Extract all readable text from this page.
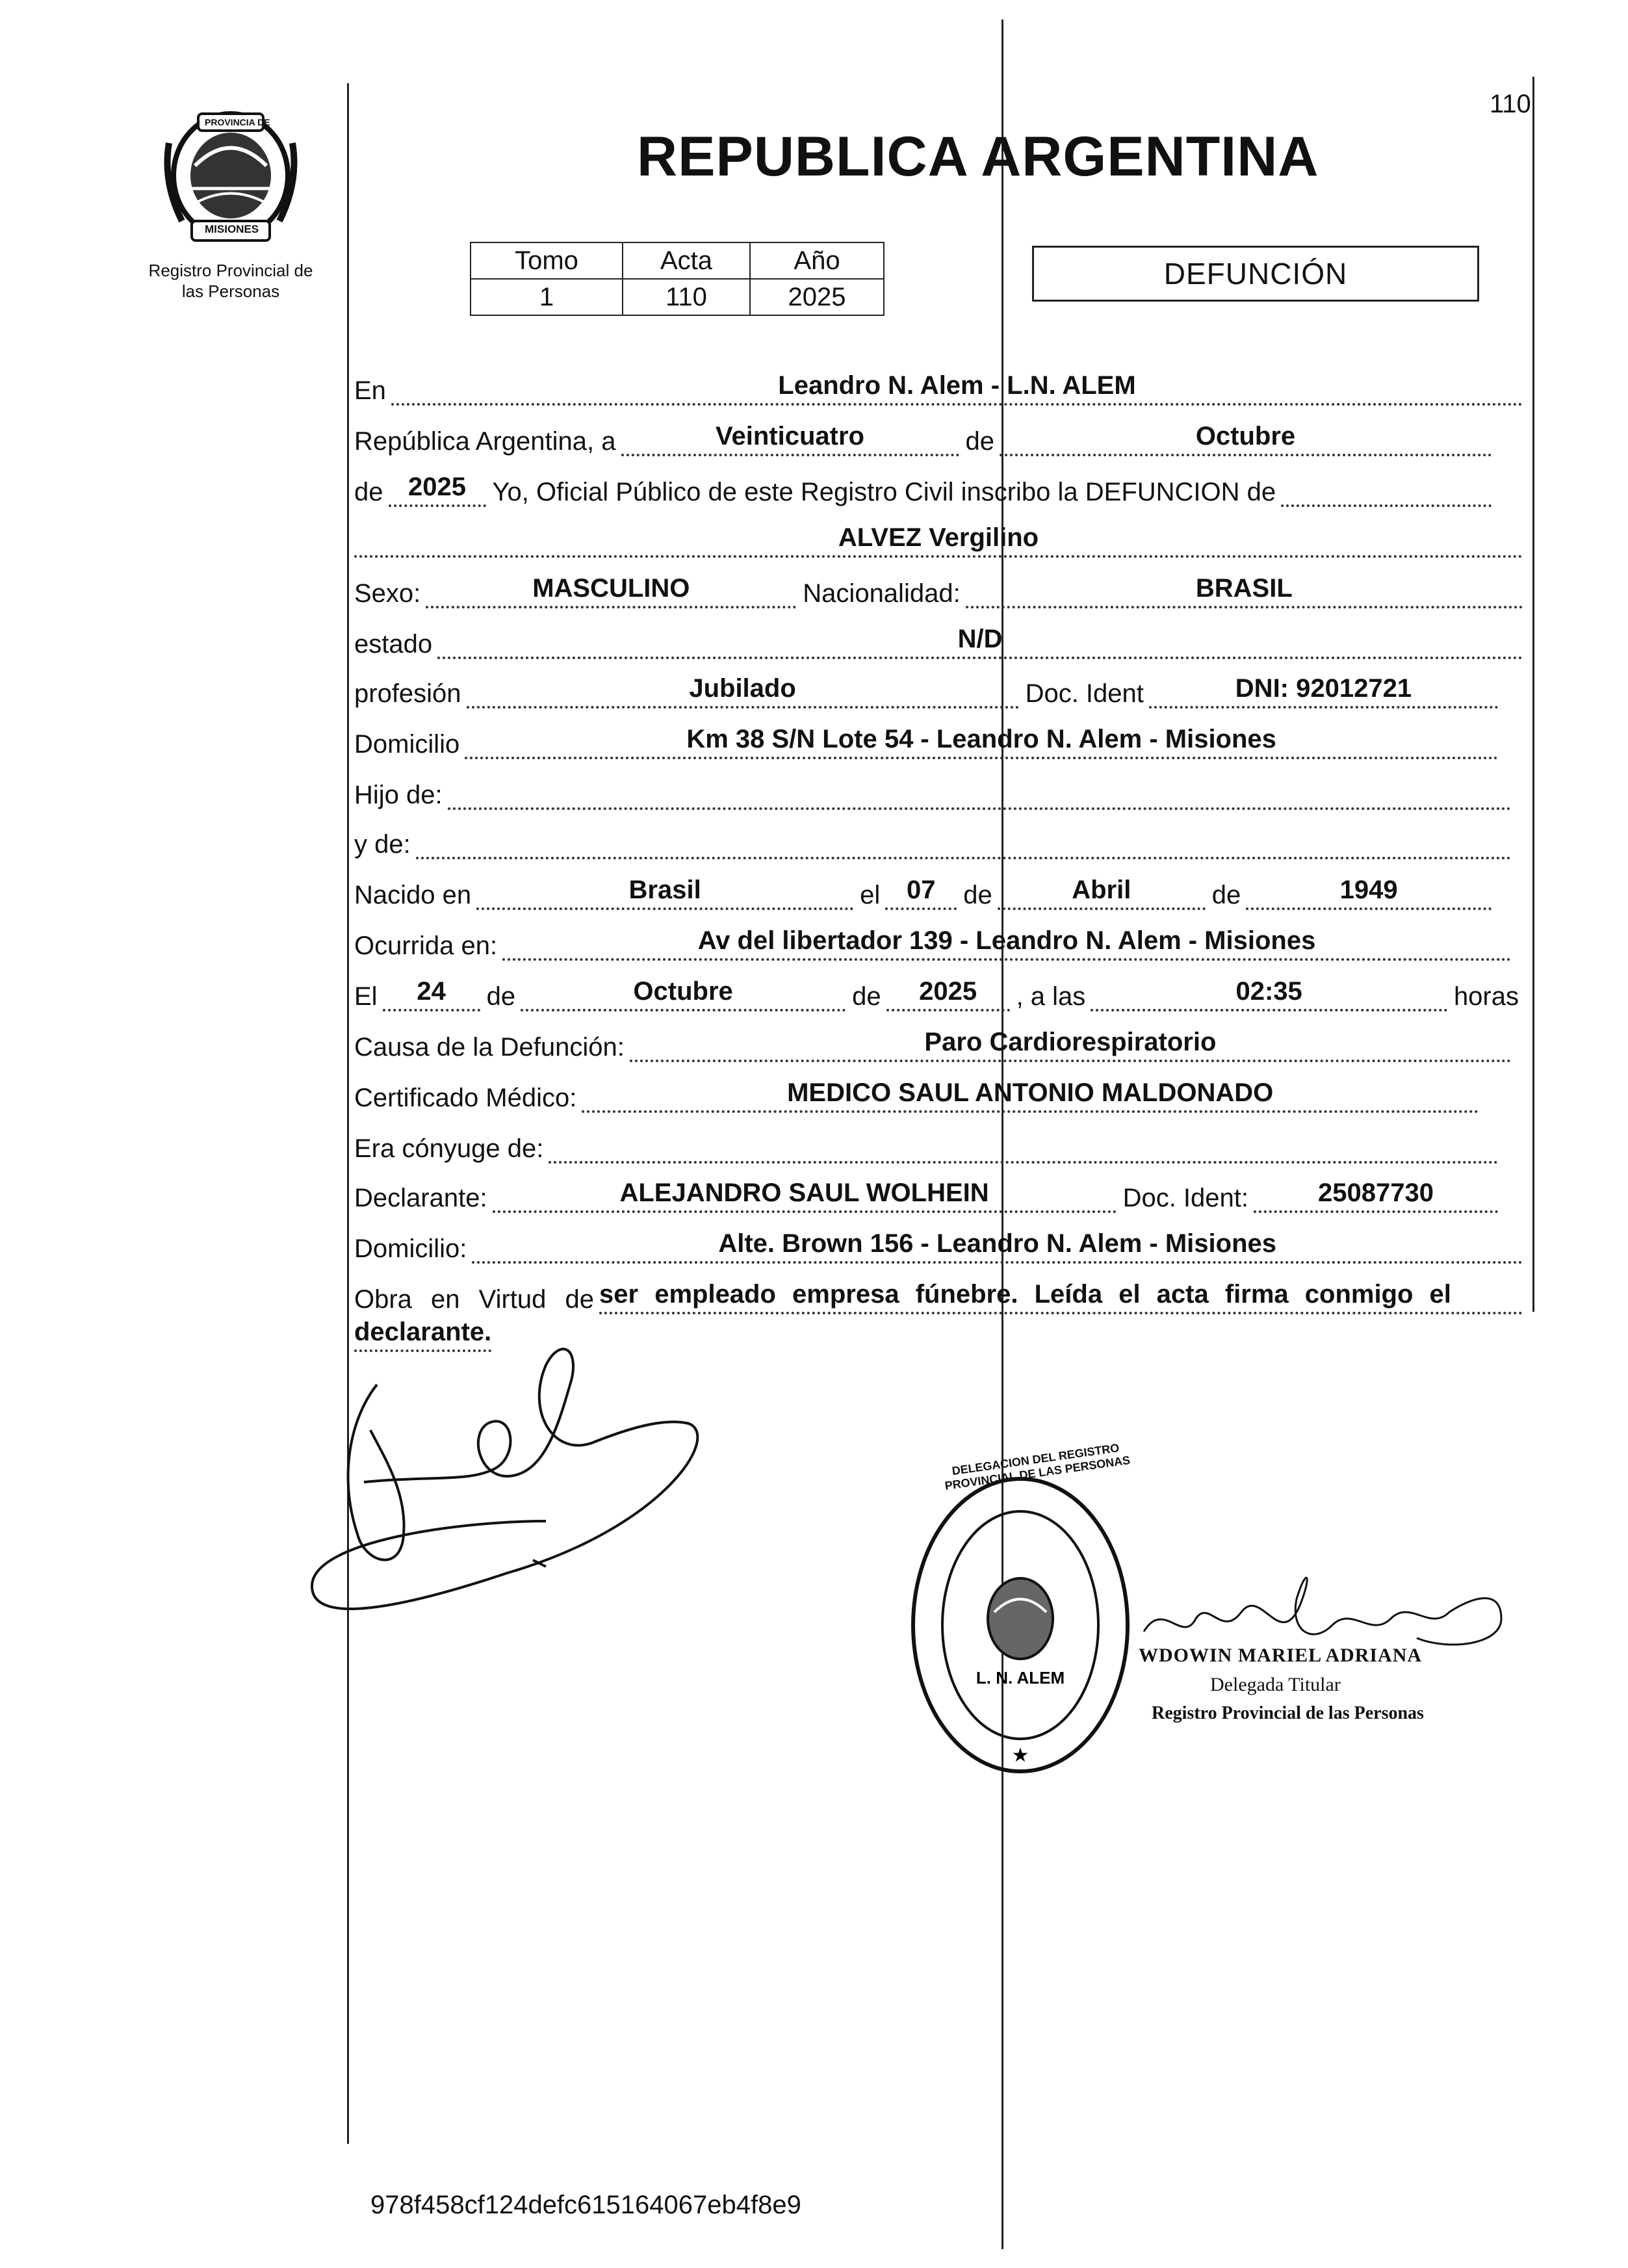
PROVINCIA DE
MISIONES
Registro Provincial de
las Personas
110
REPUBLICA ARGENTINA
Tomo	Acta	Año
1	110	2025
DEFUNCIÓN
En	Leandro N. Alem - L.N. ALEM
República Argentina, a	Veinticuatro	de	Octubre
de 2025	Yo, Oficial Público de este Registro Civil inscribo la DEFUNCION de
ALVEZ Vergilino
Sexo:	MASCULINO	Nacionalidad:	BRASIL
estado	N/D
profesión	Jubilado	Doc. Ident	DNI: 92012721
Domicilio	Km 38 S/N Lote 54 - Leandro N. Alem - Misiones
Hijo de:
y de:
Nacido en	Brasil	el	07	de	Abril	de	1949
Ocurrida en:	Av del libertador 139 - Leandro N. Alem - Misiones
El	24	de	Octubre	de	2025	, a las	02:35	horas
Causa de la Defunción:	Paro Cardiorespiratorio
Certificado Médico:	MEDICO SAUL ANTONIO MALDONADO
Era cónyuge de:
Declarante:	ALEJANDRO SAUL WOLHEIN	Doc. Ident:	25087730
Domicilio:	Alte. Brown 156 - Leandro N. Alem - Misiones
Obra en Virtud de ser empleado empresa fúnebre. Leída el acta firma conmigo el
declarante.
L. N. ALEM
★
DELEGACION DEL REGISTRO PROVINCIAL DE LAS PERSONAS
WDOWIN MARIEL ADRIANA
Delegada Titular
Registro Provincial de las Personas
978f458cf124defc615164067eb4f8e9
